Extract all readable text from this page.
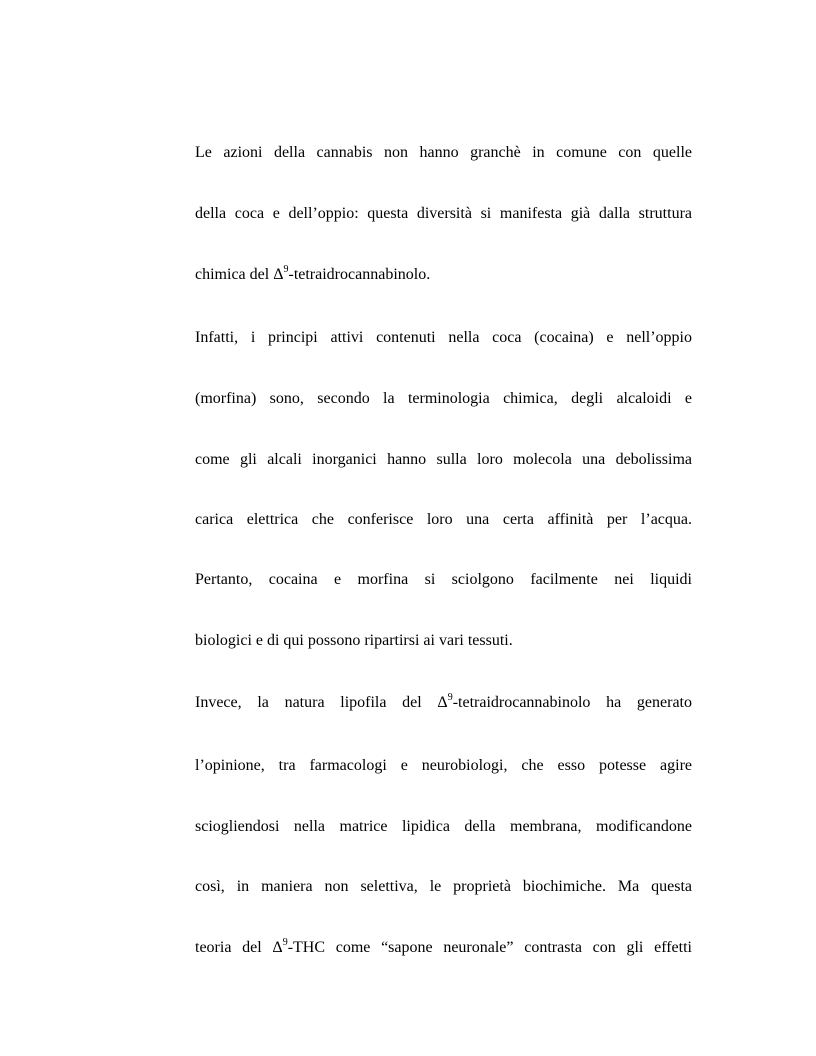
Le azioni della cannabis non hanno granchè in comune con quelle
della coca e dell’oppio: questa diversità si manifesta già dalla struttura
chimica del $\Delta^9$-tetraidrocannabinolo.
Infatti, i principi attivi contenuti nella coca (cocaina) e nell’oppio
(morfina) sono, secondo la terminologia chimica, degli alcaloidi e
come gli alcali inorganici hanno sulla loro molecola una debolissima
carica elettrica che conferisce loro una certa affinità per l’acqua.
Pertanto, cocaina e morfina si sciolgono facilmente nei liquidi
biologici e di qui possono ripartirsi ai vari tessuti.
Invece, la natura lipofila del $\Delta^9$-tetraidrocannabinolo ha generato
l’opinione, tra farmacologi e neurobiologi, che esso potesse agire
sciogliendosi nella matrice lipidica della membrana, modificandone
così, in maniera non selettiva, le proprietà biochimiche. Ma questa
teoria del $\Delta^9$-THC come “sapone neuronale” contrasta con gli effetti
